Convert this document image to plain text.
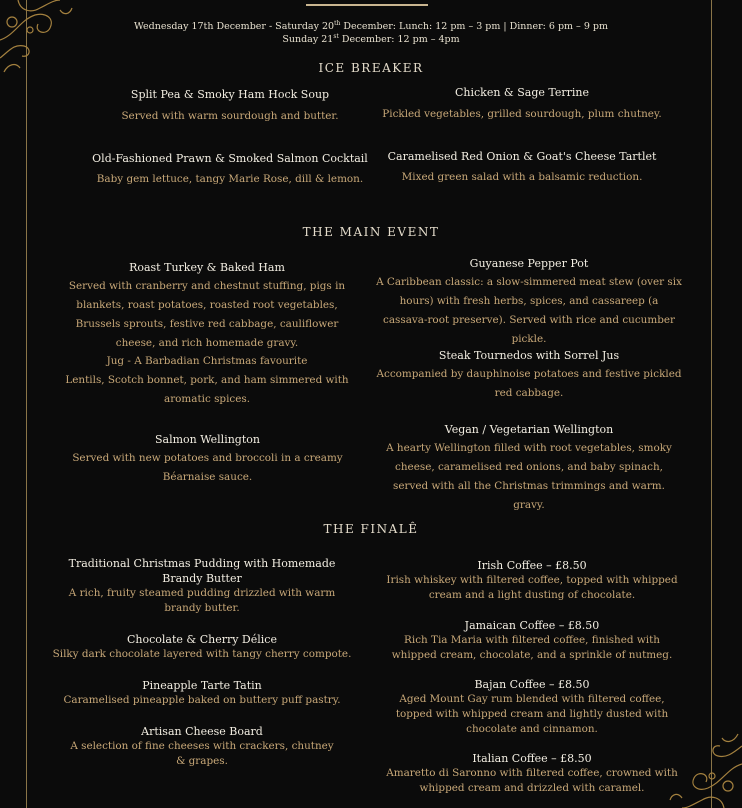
Wednesday 17th December - Saturday 20th December: Lunch: 12 pm – 3 pm | Dinner: 6 pm – 9 pm
Sunday 21st December: 12 pm – 4pm
ICE BREAKER
Split Pea & Smoky Ham Hock Soup
Served with warm sourdough and butter.
Chicken & Sage Terrine
Pickled vegetables, grilled sourdough, plum chutney.
Old-Fashioned Prawn & Smoked Salmon Cocktail
Baby gem lettuce, tangy Marie Rose, dill & lemon.
Caramelised Red Onion & Goat's Cheese Tartlet
Mixed green salad with a balsamic reduction.
THE MAIN EVENT
Roast Turkey & Baked Ham
Served with cranberry and chestnut stuffing, pigs in blankets, roast potatoes, roasted root vegetables, Brussels sprouts, festive red cabbage, cauliflower cheese, and rich homemade gravy.
Jug - A Barbadian Christmas favourite
Lentils, Scotch bonnet, pork, and ham simmered with aromatic spices.
Salmon Wellington
Served with new potatoes and broccoli in a creamy Béarnaise sauce.
Guyanese Pepper Pot
A Caribbean classic: a slow-simmered meat stew (over six hours) with fresh herbs, spices, and cassareep (a cassava-root preserve). Served with rice and cucumber pickle.
Steak Tournedos with Sorrel Jus
Accompanied by dauphinoise potatoes and festive pickled red cabbage.
Vegan / Vegetarian Wellington
A hearty Wellington filled with root vegetables, smoky cheese, caramelised red onions, and baby spinach, served with all the Christmas trimmings and warm. gravy.
THE FINALÊ
Traditional Christmas Pudding with Homemade Brandy Butter
A rich, fruity steamed pudding drizzled with warm brandy butter.
Chocolate & Cherry Délice
Silky dark chocolate layered with tangy cherry compote.
Pineapple Tarte Tatin
Caramelised pineapple baked on buttery puff pastry.
Artisan Cheese Board
A selection of fine cheeses with crackers, chutney & grapes.
Irish Coffee – £8.50
Irish whiskey with filtered coffee, topped with whipped cream and a light dusting of chocolate.
Jamaican Coffee – £8.50
Rich Tia Maria with filtered coffee, finished with whipped cream, chocolate, and a sprinkle of nutmeg.
Bajan Coffee – £8.50
Aged Mount Gay rum blended with filtered coffee, topped with whipped cream and lightly dusted with chocolate and cinnamon.
Italian Coffee – £8.50
Amaretto di Saronno with filtered coffee, crowned with whipped cream and drizzled with caramel.
